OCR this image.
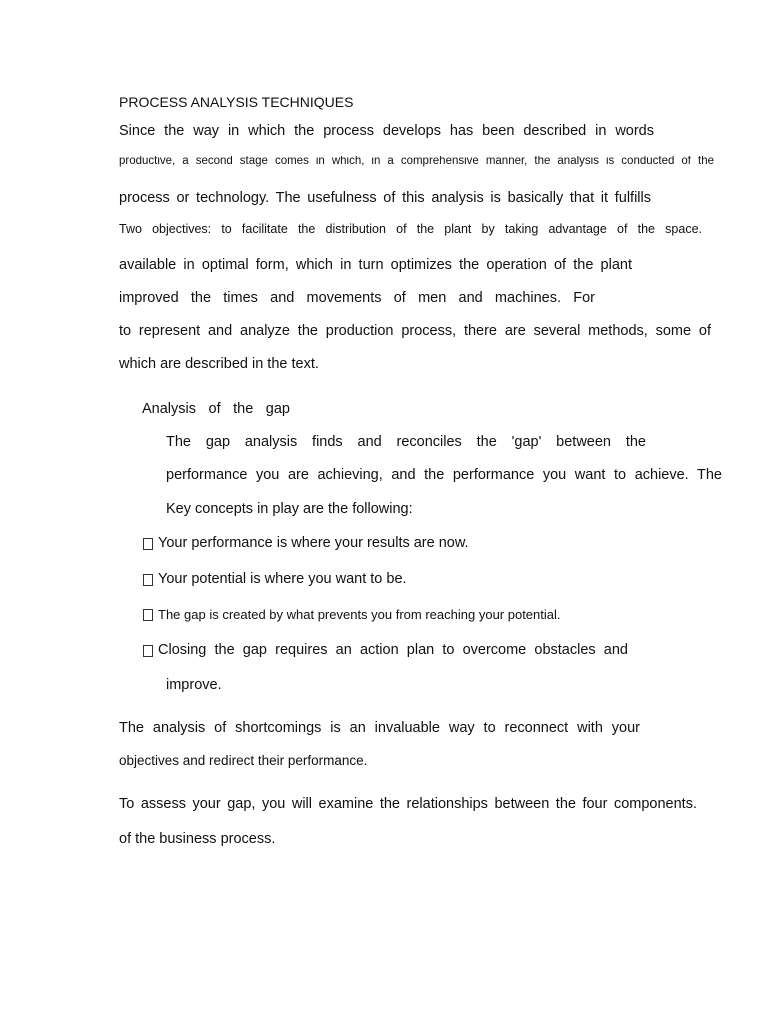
PROCESS ANALYSIS TECHNIQUES
Since the way in which the process develops has been described in words
productive, a second stage comes in which, in a comprehensive manner, the analysis is conducted of the
process or technology. The usefulness of this analysis is basically that it fulfills
Two objectives: to facilitate the distribution of the plant by taking advantage of the space.
available in optimal form, which in turn optimizes the operation of the plant
improved the times and movements of men and machines. For
to represent and analyze the production process, there are several methods, some of
which are described in the text.
Analysis of the gap
The gap analysis finds and reconciles the 'gap' between the
performance you are achieving, and the performance you want to achieve. The
Key concepts in play are the following:
Your performance is where your results are now.
Your potential is where you want to be.
The gap is created by what prevents you from reaching your potential.
Closing the gap requires an action plan to overcome obstacles and
improve.
The analysis of shortcomings is an invaluable way to reconnect with your
objectives and redirect their performance.
To assess your gap, you will examine the relationships between the four components.
of the business process.
